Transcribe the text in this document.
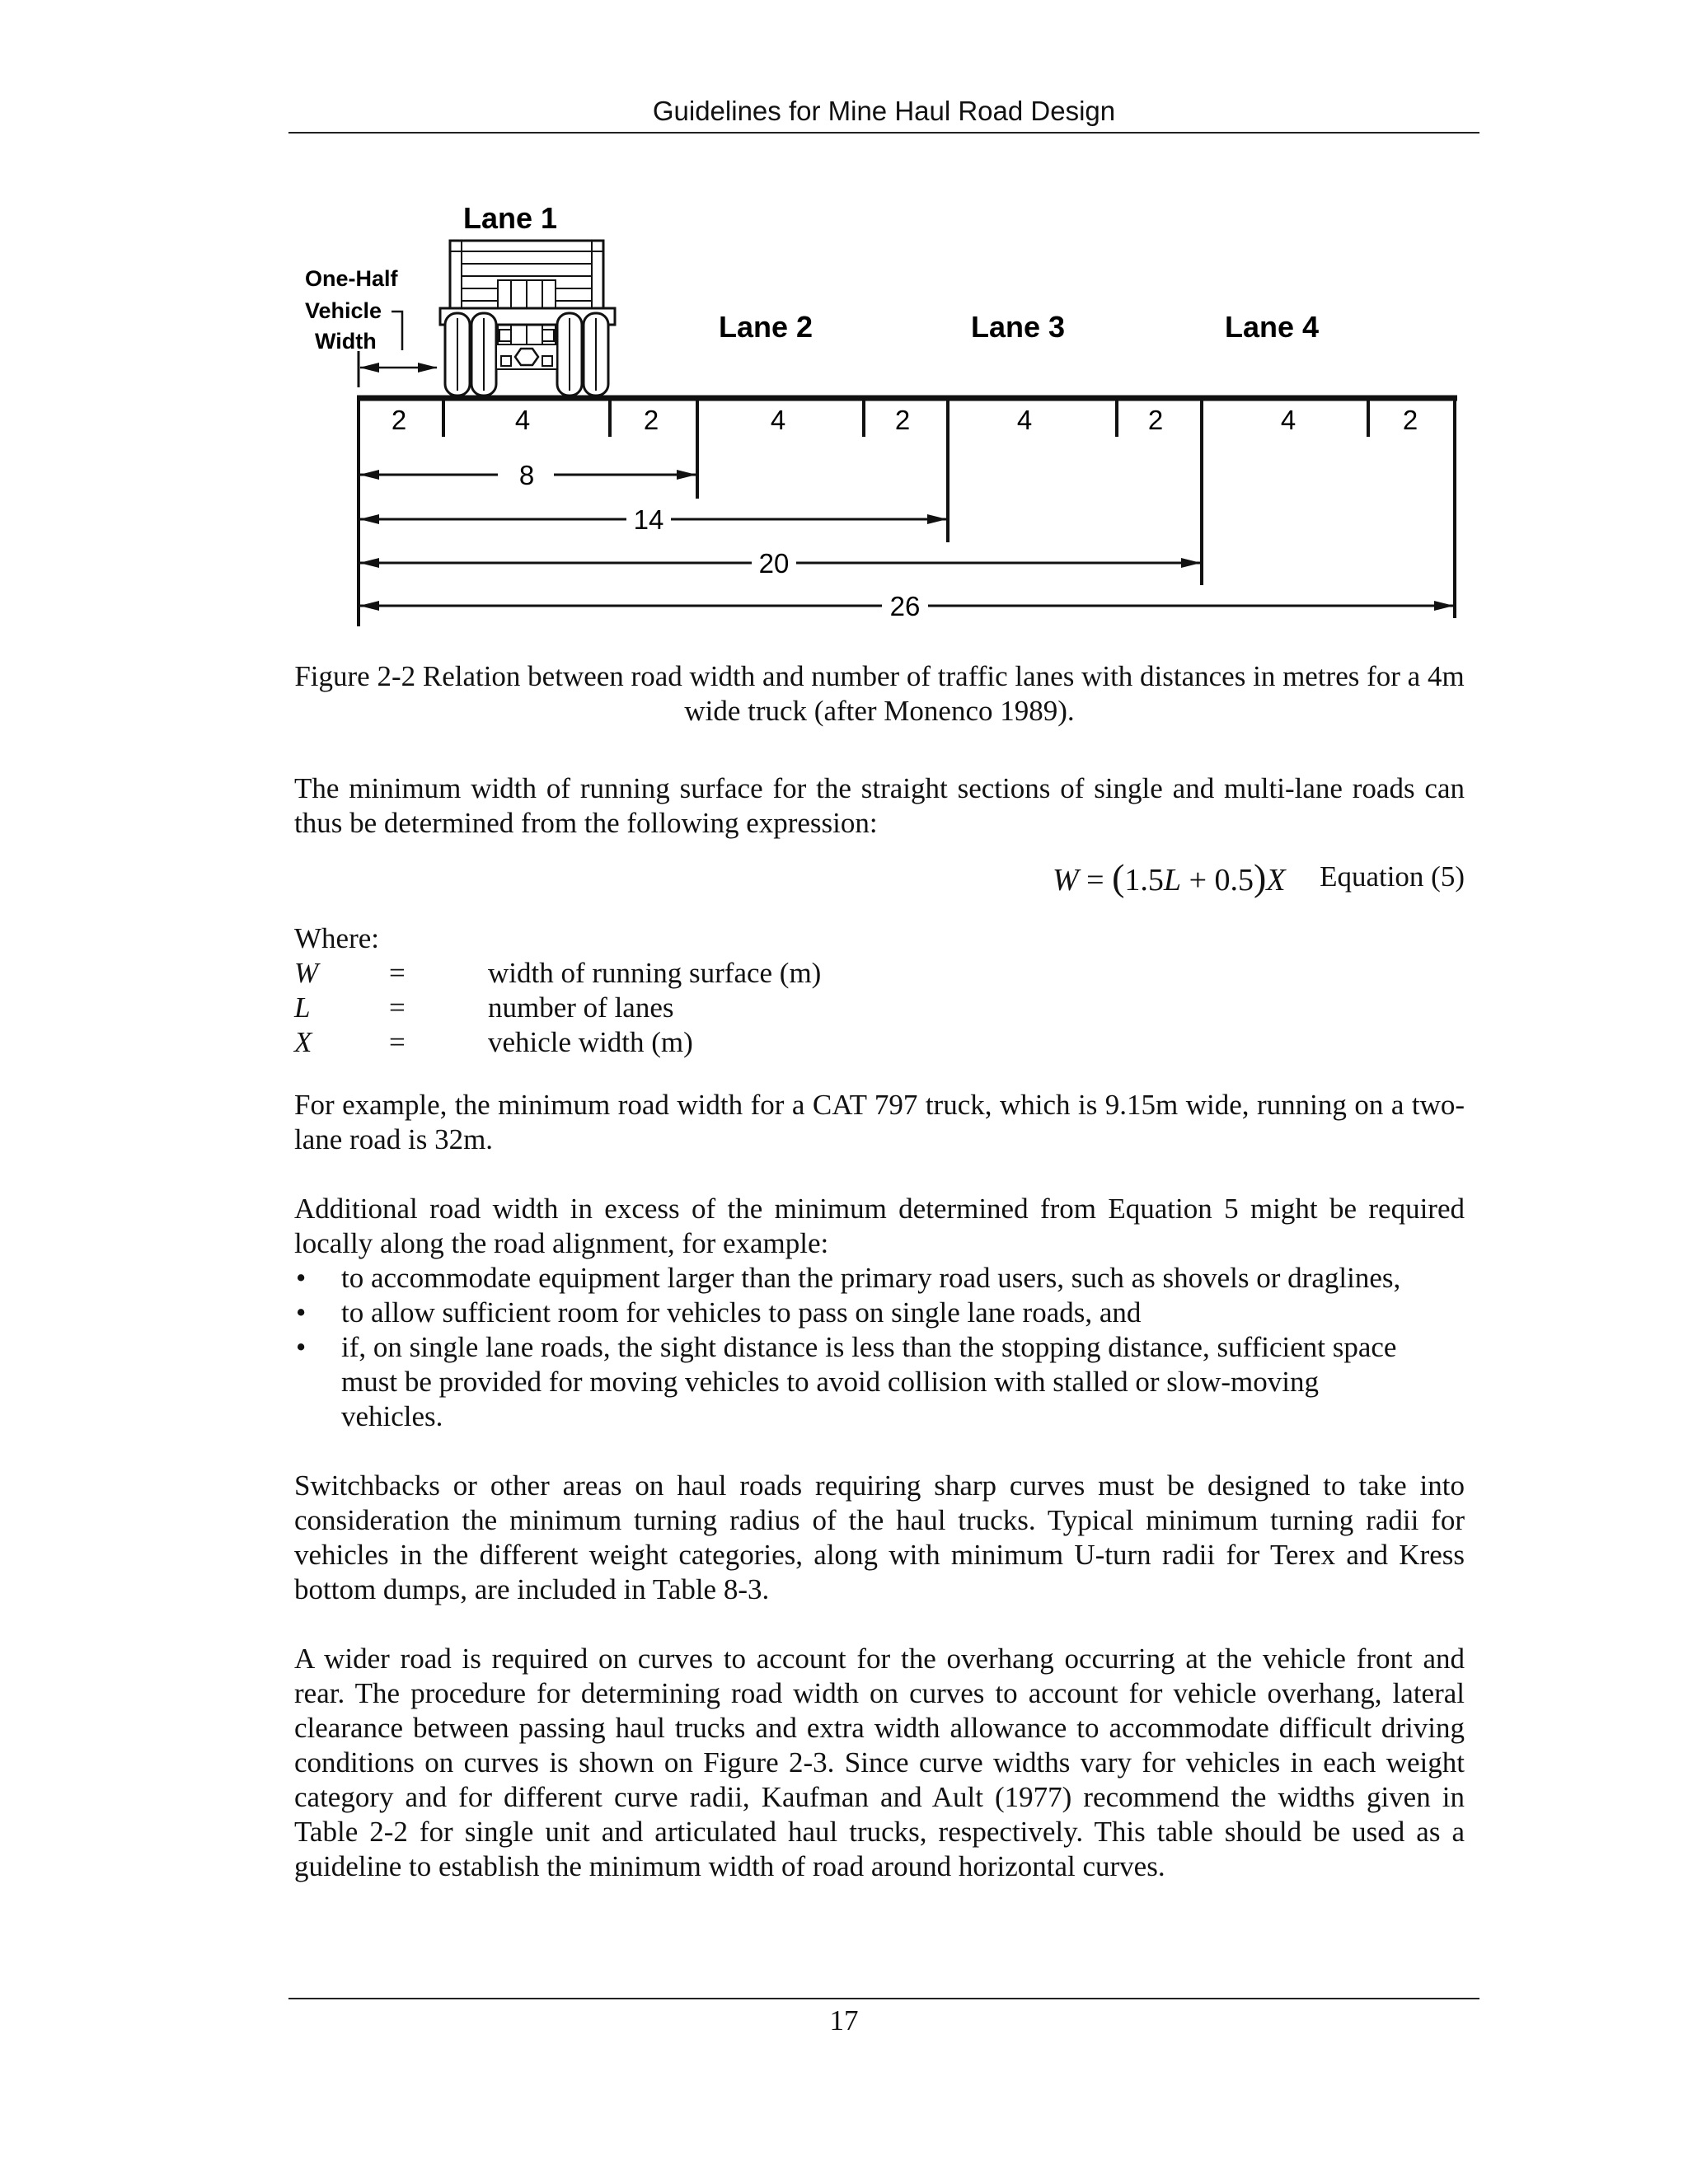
Guidelines for Mine Haul Road Design
Lane 1
Lane 2	Lane 3	Lane 4
One-Half
Vehicle
Width
2	4	2	4	2	4	2	4	2
8
14
20
26
Figure 2-2 Relation between road width and number of traffic lanes with distances in metres for a 4m wide truck (after Monenco 1989).
The minimum width of running surface for the straight sections of single and multi-lane roads can thus be determined from the following expression:
W = (1.5L + 0.5)X Equation (5)
Where:
W =	width of running surface (m)
L	=	number of lanes
X	=	vehicle width (m)
For example, the minimum road width for a CAT 797 truck, which is 9.15m wide, running on a two-lane road is 32m.
Additional road width in excess of the minimum determined from Equation 5 might be required locally along the road alignment, for example:
• to accommodate equipment larger than the primary road users, such as shovels or draglines,
• to allow sufficient room for vehicles to pass on single lane roads, and
• if, on single lane roads, the sight distance is less than the stopping distance, sufficient space must be provided for moving vehicles to avoid collision with stalled or slow-moving vehicles.
Switchbacks or other areas on haul roads requiring sharp curves must be designed to take into consideration the minimum turning radius of the haul trucks. Typical minimum turning radii for vehicles in the different weight categories, along with minimum U-turn radii for Terex and Kress bottom dumps, are included in Table 8-3.
A wider road is required on curves to account for the overhang occurring at the vehicle front and rear. The procedure for determining road width on curves to account for vehicle overhang, lateral clearance between passing haul trucks and extra width allowance to accommodate difficult driving conditions on curves is shown on Figure 2-3. Since curve widths vary for vehicles in each weight category and for different curve radii, Kaufman and Ault (1977) recommend the widths given in Table 2-2 for single unit and articulated haul trucks, respectively. This table should be used as a guideline to establish the minimum width of road around horizontal curves.
17
